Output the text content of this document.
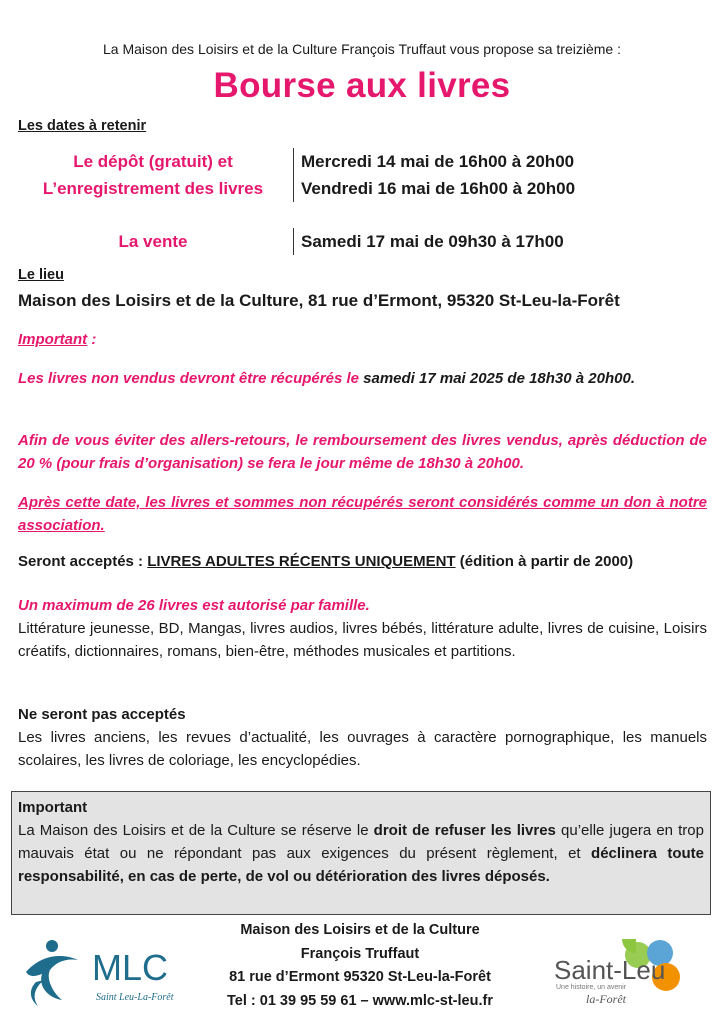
La Maison des Loisirs et de la Culture François Truffaut vous propose sa treizième :
Bourse aux livres
Les dates à retenir
Le dépôt (gratuit) et
L’enregistrement des livres
Mercredi 14 mai de 16h00 à 20h00
Vendredi 16 mai de 16h00 à 20h00
La vente	Samedi 17 mai de 09h30 à 17h00
Le lieu
Maison des Loisirs et de la Culture, 81 rue d’Ermont, 95320 St-Leu-la-Forêt
Important :
Les livres non vendus devront être récupérés le samedi 17 mai 2025 de 18h30 à 20h00.
Afin de vous éviter des allers-retours, le remboursement des livres vendus, après déduction de 20 % (pour frais d’organisation) se fera le jour même de 18h30 à 20h00.
Après cette date, les livres et sommes non récupérés seront considérés comme un don à notre association.
Seront acceptés : LIVRES ADULTES RÉCENTS UNIQUEMENT (édition à partir de 2000)
Un maximum de 26 livres est autorisé par famille.
Littérature jeunesse, BD, Mangas, livres audios, livres bébés, littérature adulte, livres de cuisine, Loisirs créatifs, dictionnaires, romans, bien-être, méthodes musicales et partitions.
Ne seront pas acceptés
Les livres anciens, les revues d’actualité, les ouvrages à caractère pornographique, les manuels scolaires, les livres de coloriage, les encyclopédies.
Important
La Maison des Loisirs et de la Culture se réserve le droit de refuser les livres qu’elle jugera en trop mauvais état ou ne répondant pas aux exigences du présent règlement, et déclinera toute responsabilité, en cas de perte, de vol ou détérioration des livres déposés.
MLC
Saint Leu-La-Forêt
Maison des Loisirs et de la Culture
François Truffaut
81 rue d’Ermont 95320 St-Leu-la-Forêt
Tel : 01 39 95 59 61 – www.mlc-st-leu.fr
Saint-Leu
Une histoire, un avenir
la-Forêt
